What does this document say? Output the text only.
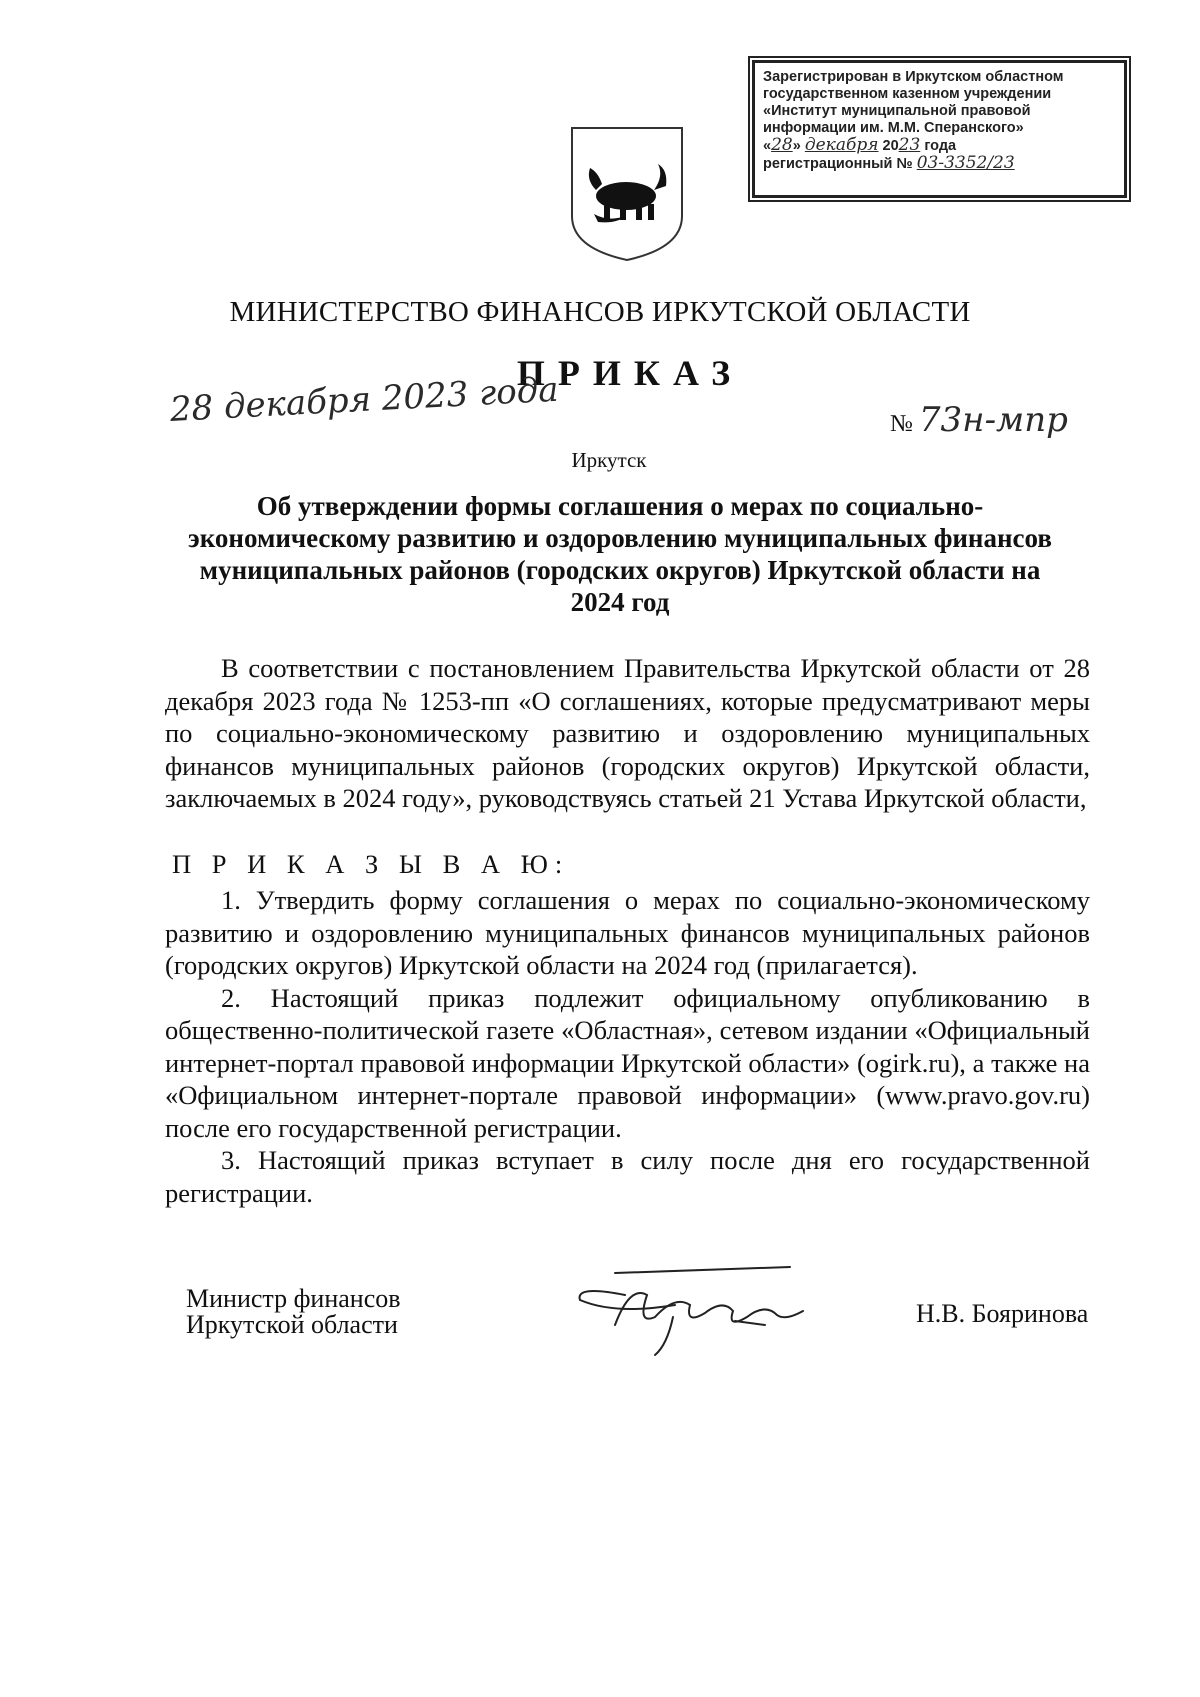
Зарегистрирован в Иркутском областном
государственном казенном учреждении
«Институт муниципальной правовой
информации им. М.М. Сперанского»
«28» декабря 2023 года
регистрационный № 03-3352/23
МИНИСТЕРСТВО ФИНАНСОВ ИРКУТСКОЙ ОБЛАСТИ
ПРИКАЗ
28 декабря 2023 года	№ 73н-мпр
Иркутск
Об утверждении формы соглашения о мерах по социально-
экономическому развитию и оздоровлению муниципальных финансов
муниципальных районов (городских округов) Иркутской области на
2024 год

В соответствии с постановлением Правительства Иркутской области от 28 декабря 2023 года № 1253-пп «О соглашениях, которые предусматривают меры по социально-экономическому развитию и оздоровлению муниципальных финансов муниципальных районов (городских округов) Иркутской области, заключаемых в 2024 году», руководствуясь статьей 21 Устава Иркутской области,

П Р И К А З Ы В А Ю:

1. Утвердить форму соглашения о мерах по социально-экономическому развитию и оздоровлению муниципальных финансов муниципальных районов (городских округов) Иркутской области на 2024 год (прилагается).

2. Настоящий приказ подлежит официальному опубликованию в общественно-политической газете «Областная», сетевом издании «Официальный интернет-портал правовой информации Иркутской области» (ogirk.ru), а также на «Официальном интернет-портале правовой информации» (www.pravo.gov.ru) после его государственной регистрации.

3. Настоящий приказ вступает в силу после дня его государственной регистрации.

Министр финансов
Иркутской области	Н.В. Бояринова
